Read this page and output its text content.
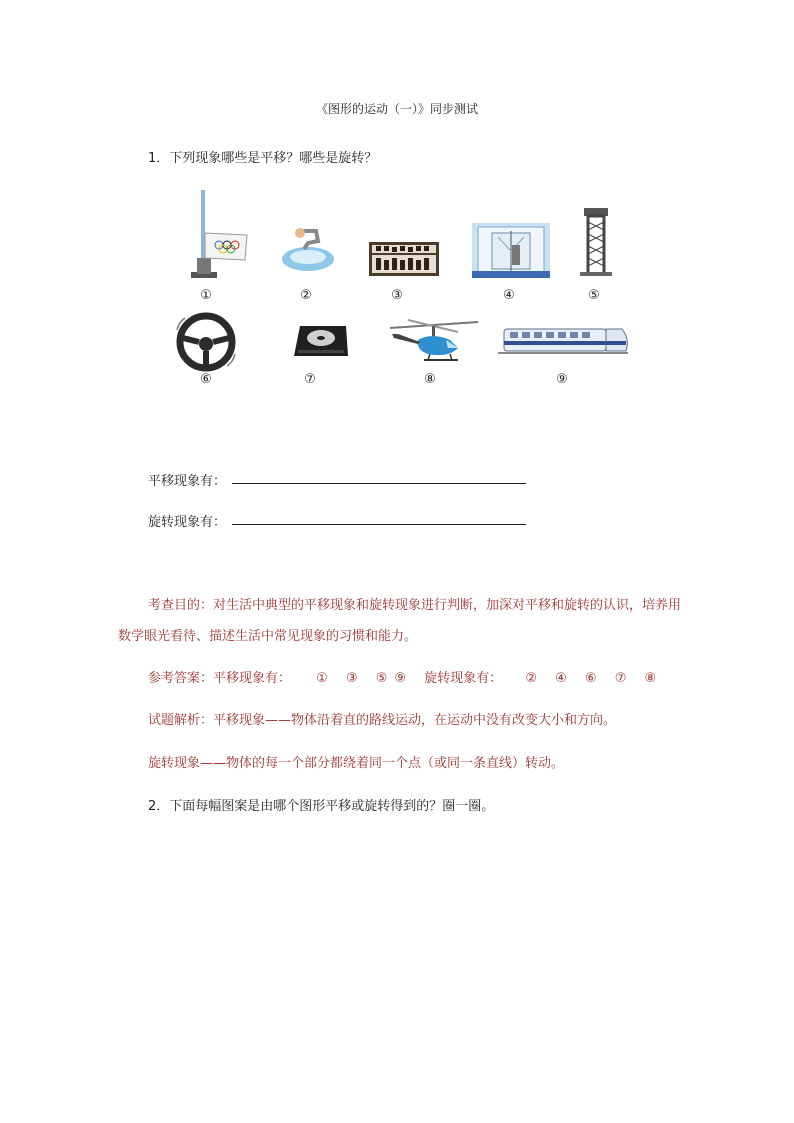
《图形的运动（一）》同步测试
1．下列现象哪些是平移？哪些是旋转？
①	②	③	④	⑤
⑥	⑦	⑧	⑨
平移现象有：
旋转现象有：
考查目的：对生活中典型的平移现象和旋转现象进行判断，加深对平移和旋转的认识，培养用数学眼光看待、描述生活中常见现象的习惯和能力。
参考答案：平移现象有： ① ③ ⑤ ⑨ 旋转现象有： ② ④ ⑥ ⑦ ⑧
试题解析：平移现象——物体沿着直的路线运动，在运动中没有改变大小和方向。
旋转现象——物体的每一个部分都绕着同一个点（或同一条直线）转动。
2．下面每幅图案是由哪个图形平移或旋转得到的？圈一圈。
